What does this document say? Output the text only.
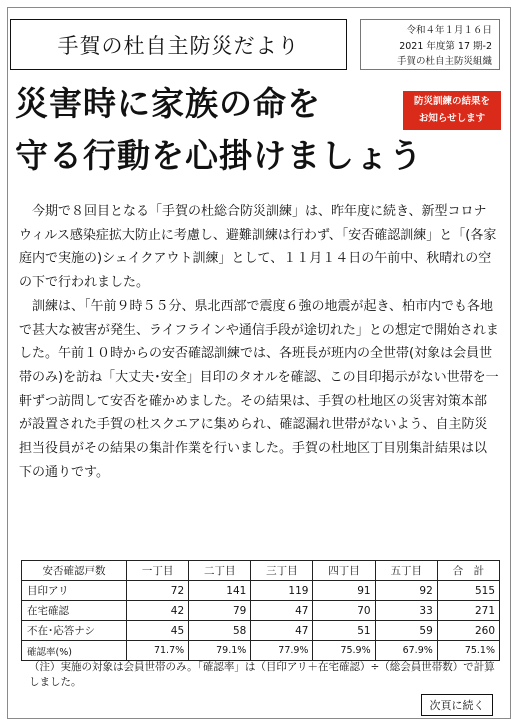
手賀の杜自主防災だより
令和４年１月１６日
2021 年度第 17 期-2
手賀の杜自主防災組織
災害時に家族の命を
守る行動を心掛けましょう
防災訓練の結果を
お知らせします

今期で８回目となる「手賀の杜総合防災訓練」は、昨年度に続き、新型コロナウィルス感染症拡大防止に考慮し、避難訓練は行わず、「安否確認訓練」と「(各家庭内で実施の)シェイクアウト訓練」として、１１月１４日の午前中、秋晴れの空の下で行われました。

訓練は、「午前９時５５分、県北西部で震度６強の地震が起き、柏市内でも各地で甚大な被害が発生、ライフラインや通信手段が途切れた」との想定で開始されました。午前１０時からの安否確認訓練では、各班長が班内の全世帯(対象は会員世帯のみ)を訪ね「大丈夫･安全」目印のタオルを確認、この目印掲示がない世帯を一軒ずつ訪問して安否を確かめました。その結果は、手賀の杜地区の災害対策本部が設置された手賀の杜スクエアに集められ、確認漏れ世帯がないよう、自主防災担当役員がその結果の集計作業を行いました。手賀の杜地区丁目別集計結果は以下の通りです。

安否確認戸数	一丁目	二丁目	三丁目	四丁目	五丁目	合　計
目印アリ	72	141	119	91	92	515
在宅確認	42	79	47	70	33	271
不在･応答ナシ	45	58	47	51	59	260
確認率(%)	71.7%	79.1%	77.9%	75.9%	67.9%	75.1%
（注）実施の対象は会員世帯のみ。「確認率」は（目印アリ＋在宅確認）÷（総会員世帯数）で計算しました。
次頁に続く
